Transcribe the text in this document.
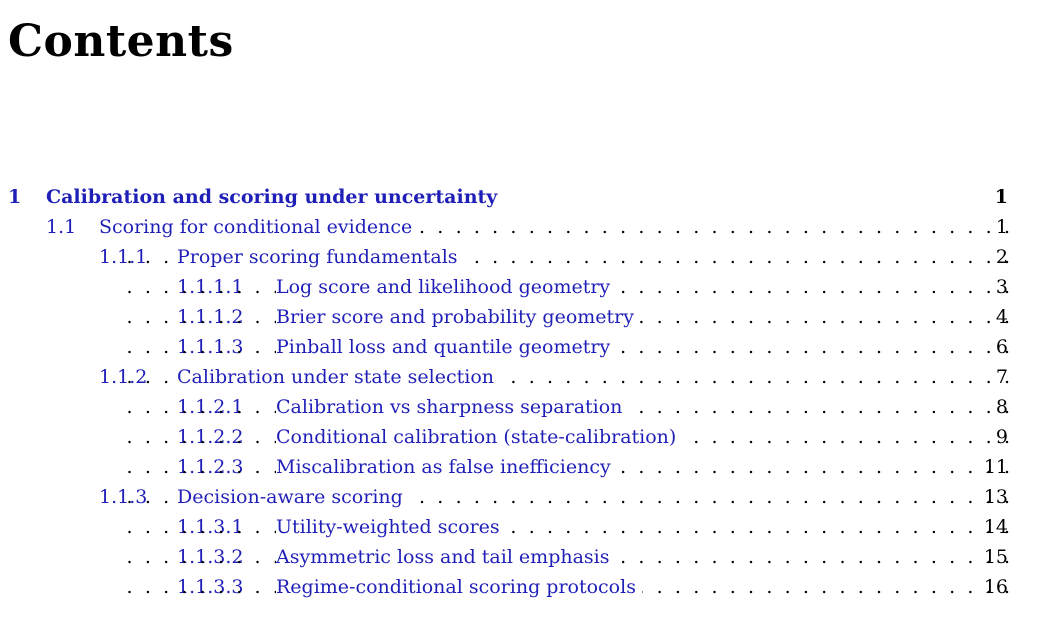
Contents
1 Calibration and scoring under uncertainty	1
1.1 . . . Scoring for conditional evidence	1
1.1.1 . . . Proper scoring fundamentals	2
1.1.1.1 . . . Log score and likelihood geometry	3
1.1.1.2 . . . Brier score and probability geometry	4
1.1.1.3 . . . Pinball loss and quantile geometry	6
1.1.2 . . . Calibration under state selection	7
1.1.2.1 . . . Calibration vs sharpness separation	8
1.1.2.2 . . . Conditional calibration (state-calibration)	9
1.1.2.3 . . . Miscalibration as false inefficiency	11
1.1.3 . . . Decision-aware scoring	13
1.1.3.1 . . . Utility-weighted scores	14
1.1.3.2 . . . Asymmetric loss and tail emphasis	15
1.1.3.3 . . . Regime-conditional scoring protocols	16
